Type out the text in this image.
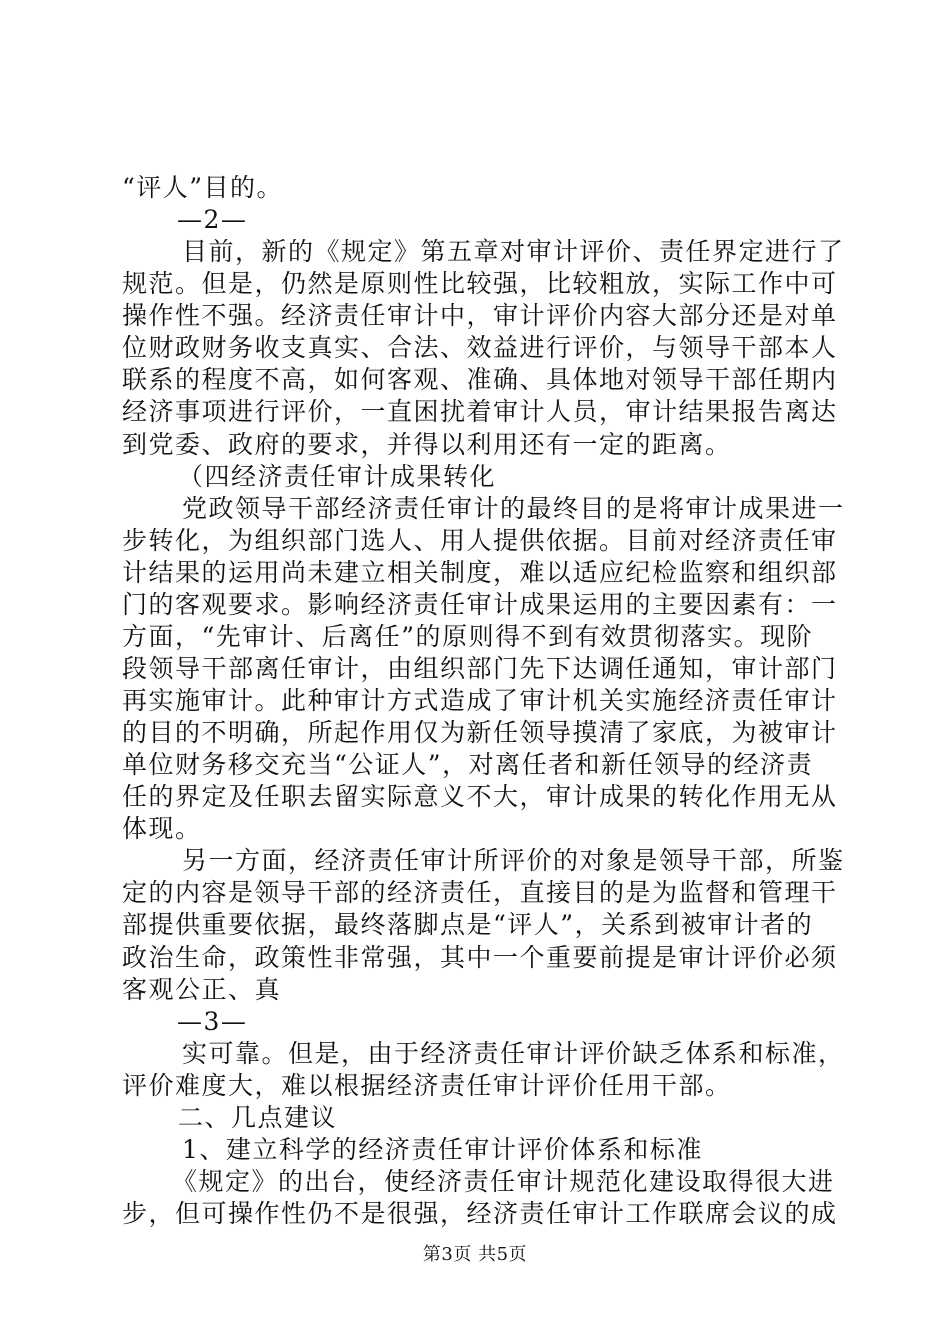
“评人”目的。
—2—
目前，新的《规定》第五章对审计评价、责任界定进行了
规范。但是，仍然是原则性比较强，比较粗放，实际工作中可
操作性不强。经济责任审计中，审计评价内容大部分还是对单
位财政财务收支真实、合法、效益进行评价，与领导干部本人
联系的程度不高，如何客观、准确、具体地对领导干部任期内
经济事项进行评价，一直困扰着审计人员，审计结果报告离达
到党委、政府的要求，并得以利用还有一定的距离。
（四经济责任审计成果转化
党政领导干部经济责任审计的最终目的是将审计成果进一
步转化，为组织部门选人、用人提供依据。目前对经济责任审
计结果的运用尚未建立相关制度，难以适应纪检监察和组织部
门的客观要求。影响经济责任审计成果运用的主要因素有：一
方面，“先审计、后离任”的原则得不到有效贯彻落实。现阶
段领导干部离任审计，由组织部门先下达调任通知，审计部门
再实施审计。此种审计方式造成了审计机关实施经济责任审计
的目的不明确，所起作用仅为新任领导摸清了家底，为被审计
单位财务移交充当“公证人”，对离任者和新任领导的经济责
任的界定及任职去留实际意义不大，审计成果的转化作用无从
体现。
另一方面，经济责任审计所评价的对象是领导干部，所鉴
定的内容是领导干部的经济责任，直接目的是为监督和管理干
部提供重要依据，最终落脚点是“评人”，关系到被审计者的
政治生命，政策性非常强，其中一个重要前提是审计评价必须
客观公正、真
—3—
实可靠。但是，由于经济责任审计评价缺乏体系和标准，
评价难度大，难以根据经济责任审计评价任用干部。
二、几点建议
1、建立科学的经济责任审计评价体系和标准
《规定》的出台，使经济责任审计规范化建设取得很大进
步，但可操作性仍不是很强，经济责任审计工作联席会议的成
第3页 共5页
